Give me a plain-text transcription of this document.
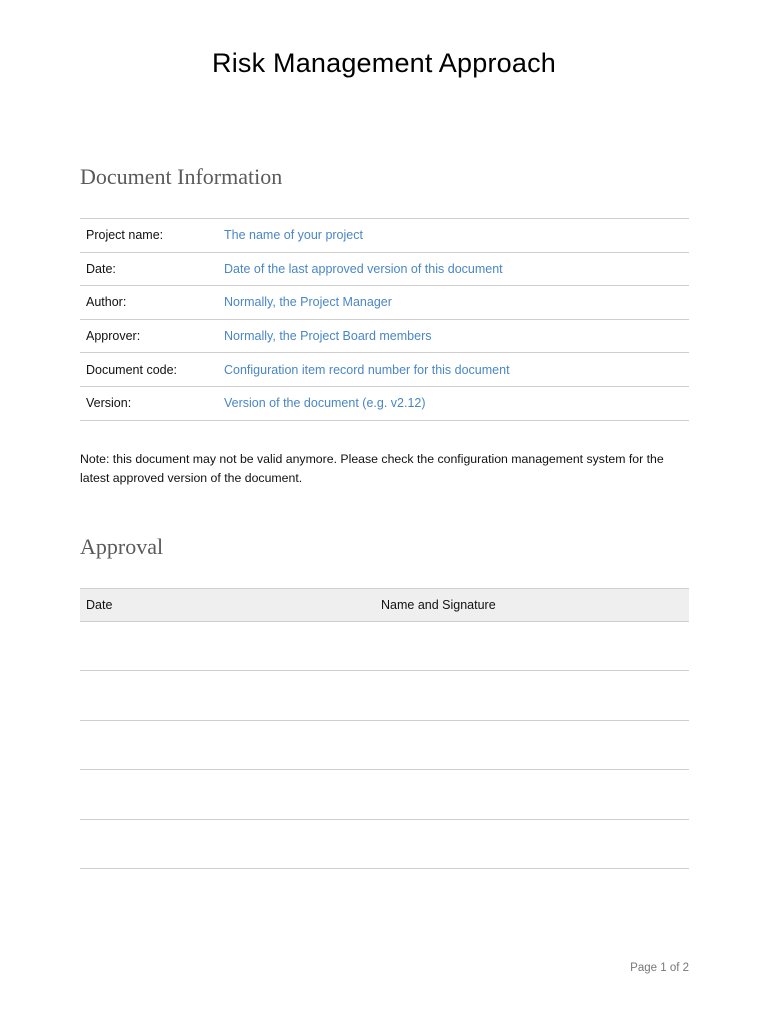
Risk Management Approach
Document Information
Project name:	The name of your project
Date:	Date of the last approved version of this document
Author:	Normally, the Project Manager
Approver:	Normally, the Project Board members
Document code:	Configuration item record number for this document
Version:	Version of the document (e.g. v2.12)
Note: this document may not be valid anymore. Please check the configuration management system for the latest approved version of the document.
Approval
Date	Name and Signature

Page 1 of 2
